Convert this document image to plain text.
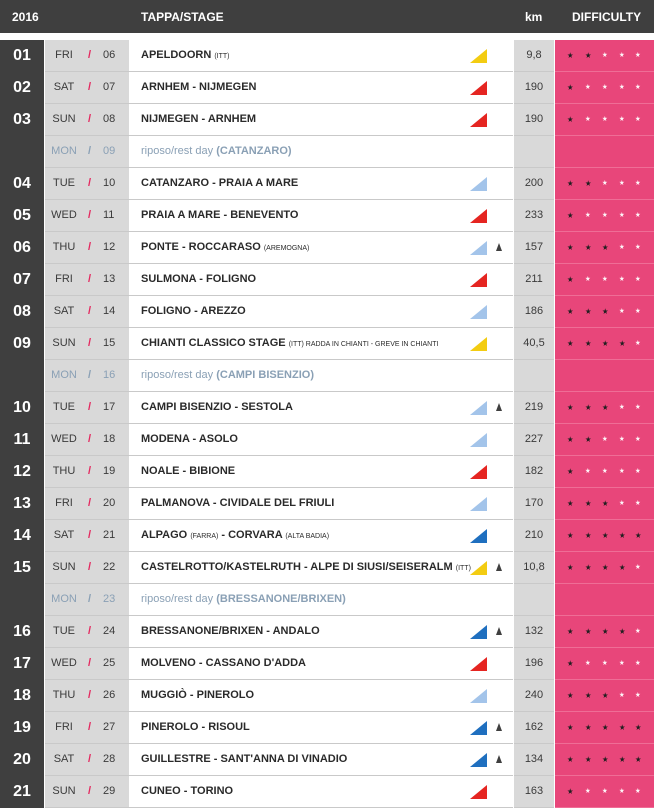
2016	TAPPA/STAGE	km DIFFICULTY
01	FRI	/ 06 APELDOORN (ITT)	9,8	★ ★ ★ ★ ★
02	SAT	/ 07 ARNHEM - NIJMEGEN	190	★ ★ ★ ★ ★
03	SUN	/ 08 NIJMEGEN - ARNHEM	190	★ ★ ★ ★ ★
MON	/ 09 riposo/rest day (CATANZARO)
04	TUE	/ 10 CATANZARO - PRAIA A MARE	200	★ ★ ★ ★ ★
05	WED	/ 11 PRAIA A MARE - BENEVENTO	233	★ ★ ★ ★ ★
06	THU	/ 12 PONTE - ROCCARASO (AREMOGNA)	157	★ ★ ★ ★ ★
07	FRI	/ 13 SULMONA - FOLIGNO	211	★ ★ ★ ★ ★
08	SAT	/ 14 FOLIGNO - AREZZO	186	★ ★ ★ ★ ★
09	SUN	/ 15 CHIANTI CLASSICO STAGE (ITT) RADDA IN CHIANTI - GREVE IN CHIANTI	40,5	★ ★ ★ ★ ★
MON	/ 16 riposo/rest day (CAMPI BISENZIO)
10	TUE	/ 17 CAMPI BISENZIO - SESTOLA	219	★ ★ ★ ★ ★
11	WED	/ 18 MODENA - ASOLO	227	★ ★ ★ ★ ★
12	THU	/ 19 NOALE - BIBIONE	182	★ ★ ★ ★ ★
13	FRI	/ 20 PALMANOVA - CIVIDALE DEL FRIULI	170	★ ★ ★ ★ ★
14	SAT	/ 21 ALPAGO (FARRA) - CORVARA (ALTA BADIA)	210	★ ★ ★ ★ ★
15	SUN	/ 22 CASTELROTTO/KASTELRUTH - ALPE DI SIUSI/SEISERALM (ITT)	10,8	★ ★ ★ ★ ★
MON	/ 23 riposo/rest day (BRESSANONE/BRIXEN)
16	TUE	/ 24 BRESSANONE/BRIXEN - ANDALO	132	★ ★ ★ ★ ★
17	WED	/ 25 MOLVENO - CASSANO D'ADDA	196	★ ★ ★ ★ ★
18	THU	/ 26 MUGGIÒ - PINEROLO	240	★ ★ ★ ★ ★
19	FRI	/ 27 PINEROLO - RISOUL	162	★ ★ ★ ★ ★
20	SAT	/ 28 GUILLESTRE - SANT'ANNA DI VINADIO	134	★ ★ ★ ★ ★
21	SUN	/ 29 CUNEO - TORINO	163	★ ★ ★ ★ ★
